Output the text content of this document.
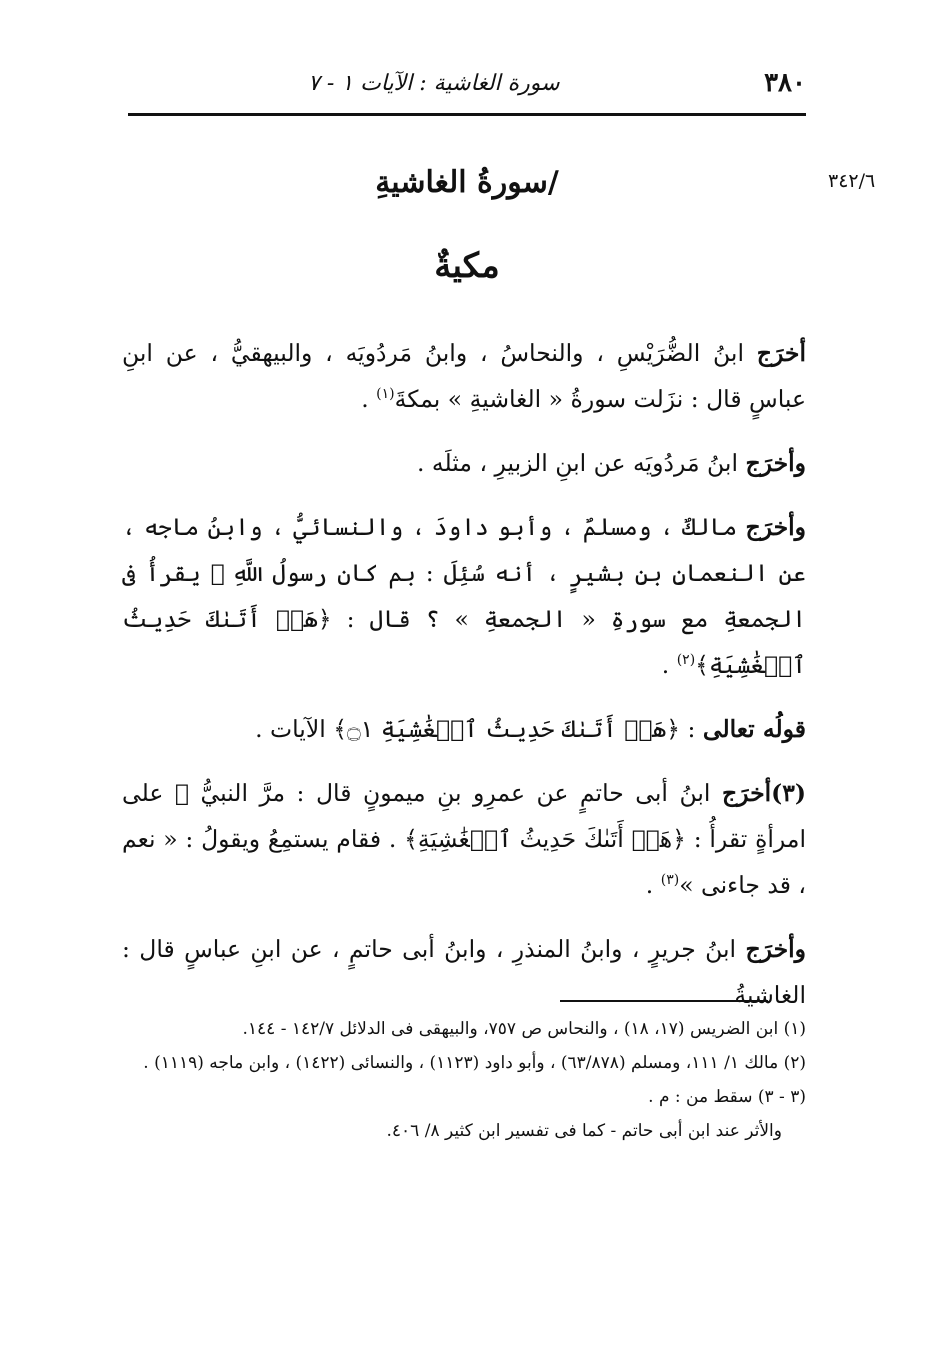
٣٨٠
سورة الغاشية : الآيات ١ - ٧
٣٤٢/٦
/سورةُ الغاشيةِ
مكيةٌ

أخرَج ابنُ الضُّرَيْسِ ، والنحاسُ ، وابنُ مَردُويَه ، والبيهقيُّ ، عن ابنِ عباسٍ قال : نزَلت سورةُ « الغاشيةِ » بمكةَ$^{(١)}$ .

وأخرَج ابنُ مَردُويَه عن ابنِ الزبيرِ ، مثلَه .

وأخرَج مالكٌ ، ومسلمٌ ، وأبو داودَ ، والنسائيُّ ، وابنُ ماجه ، عن النعمانِ بنِ بشيرٍ ، أنه سُئِلَ : بم كان رسولُ اللَّهِ ﷺ يقرأُ فى الجمعةِ مع سورةِ « الجمعةِ » ؟ قال : ﴿هَلۡ أَتَىٰكَ حَدِيثُ ٱلۡغَٰشِيَةِ﴾$^{(٢)}$ .

قولُه تعالى : ﴿هَلۡ أَتَىٰكَ حَدِيثُ ٱلۡغَٰشِيَةِ ۝١﴾ الآيات .

(٣)أخرَج ابنُ أبى حاتمٍ عن عمرِو بنِ ميمونٍ قال : مرَّ النبيُّ ﷺ على امرأةٍ تقرأُ : ﴿هَلۡ أَتَىٰكَ حَدِيثُ ٱلۡغَٰشِيَةِ﴾ . فقام يستمِعُ ويقولُ : « نعم ، قد جاءنى »$^{(٣)}$ .

وأخرَج ابنُ جريرٍ ، وابنُ المنذرِ ، وابنُ أبى حاتمٍ ، عن ابنِ عباسٍ قال : الغاشيةُ

(١) ابن الضريس (١٧، ١٨) ، والنحاس ص ٧٥٧، والبيهقى فى الدلائل ١٤٢/٧ - ١٤٤.
(٢) مالك ١/ ١١١، ومسلم (٦٣/٨٧٨) ، وأبو داود (١١٢٣) ، والنسائى (١٤٢٢) ، وابن ماجه (١١١٩) .
(٣ - ٣) سقط من : م .
والأثر عند ابن أبى حاتم - كما فى تفسير ابن كثير ٨/ ٤٠٦.
